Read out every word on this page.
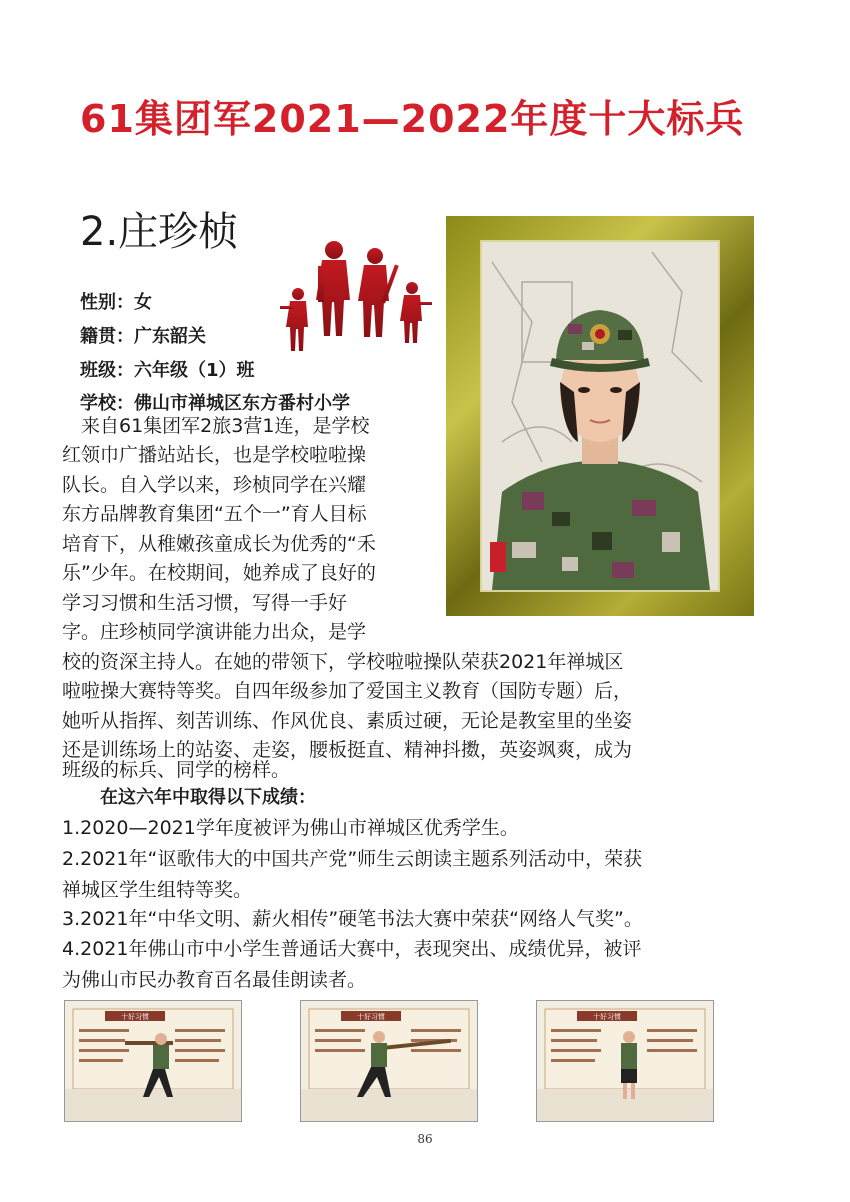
61集团军2021—2022年度十大标兵
2.庄珍桢
性别：女
籍贯：广东韶关
班级：六年级（1）班
学校：佛山市禅城区东方番村小学
　来自61集团军2旅3营1连，是学校
红领巾广播站站长，也是学校啦啦操
队长。自入学以来，珍桢同学在兴耀
东方品牌教育集团“五个一”育人目标
培育下，从稚嫩孩童成长为优秀的“禾
乐”少年。在校期间，她养成了良好的
学习习惯和生活习惯，写得一手好
字。庄珍桢同学演讲能力出众，是学
校的资深主持人。在她的带领下，学校啦啦操队荣获2021年禅城区
啦啦操大赛特等奖。自四年级参加了爱国主义教育（国防专题）后，
她听从指挥、刻苦训练、作风优良、素质过硬，无论是教室里的坐姿
还是训练场上的站姿、走姿，腰板挺直、精神抖擞，英姿飒爽，成为
班级的标兵、同学的榜样。
在这六年中取得以下成绩：
1.2020—2021学年度被评为佛山市禅城区优秀学生。
2.2021年“讴歌伟大的中国共产党”师生云朗读主题系列活动中，荣获
禅城区学生组特等奖。
3.2021年“中华文明、薪火相传”硬笔书法大赛中荣获“网络人气奖”。
4.2021年佛山市中小学生普通话大赛中，表现突出、成绩优异，被评
为佛山市民办教育百名最佳朗读者。
十好习惯	十好习惯	十好习惯
86
